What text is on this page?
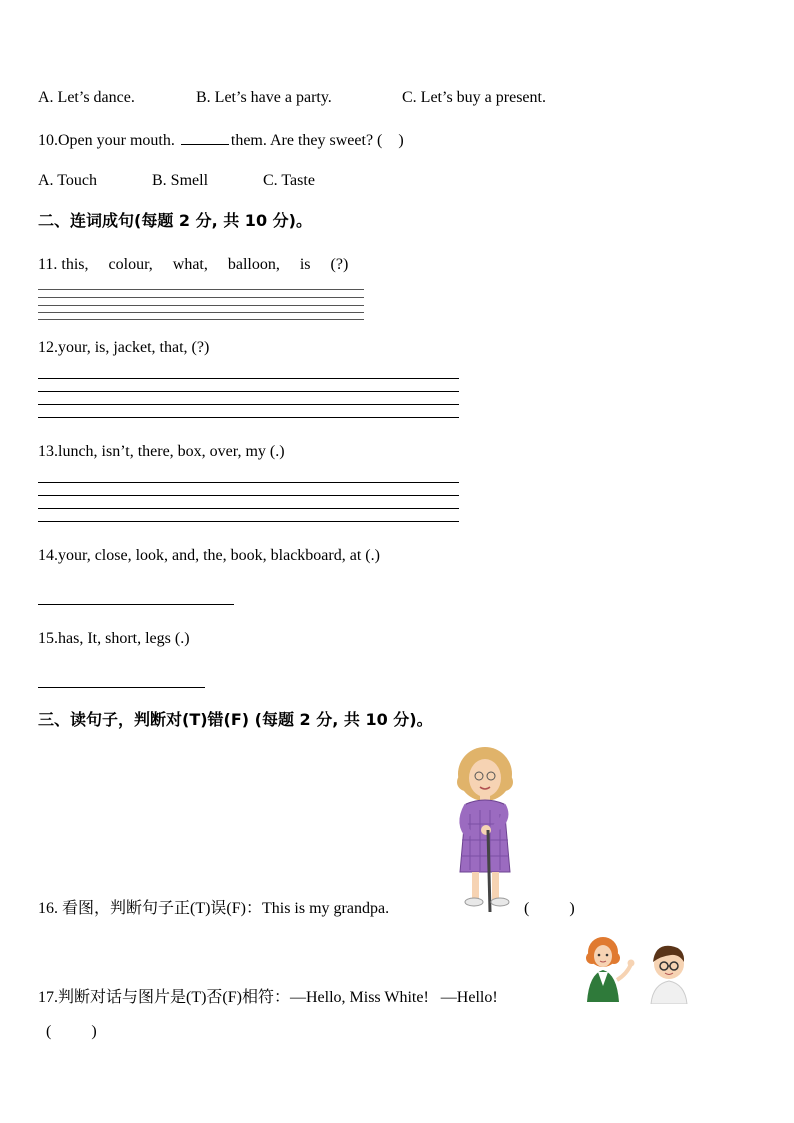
A. Let’s dance.	B. Let’s have a party.	C. Let’s buy a present.
10.Open your mouth.	them. Are they sweet? (    )
A. Touch	B. Smell	C. Taste
二、连词成句(每题 2 分, 共 10 分)。
11. this,     colour,     what,     balloon,     is     (?)
12.your, is, jacket, that, (?)
13.lunch, isn’t, there, box, over, my (.)
14.your, close, look, and, the, book, blackboard, at (.)
15.has, It, short, legs (.)
三、读句子，判断对(T)错(F) (每题 2 分, 共 10 分)。
16. 看图，判断句子正(T)误(F)：This is my grandpa.	(          )
17.判断对话与图片是(T)否(F)相符：—Hello, Miss White!   —Hello!
(          )
